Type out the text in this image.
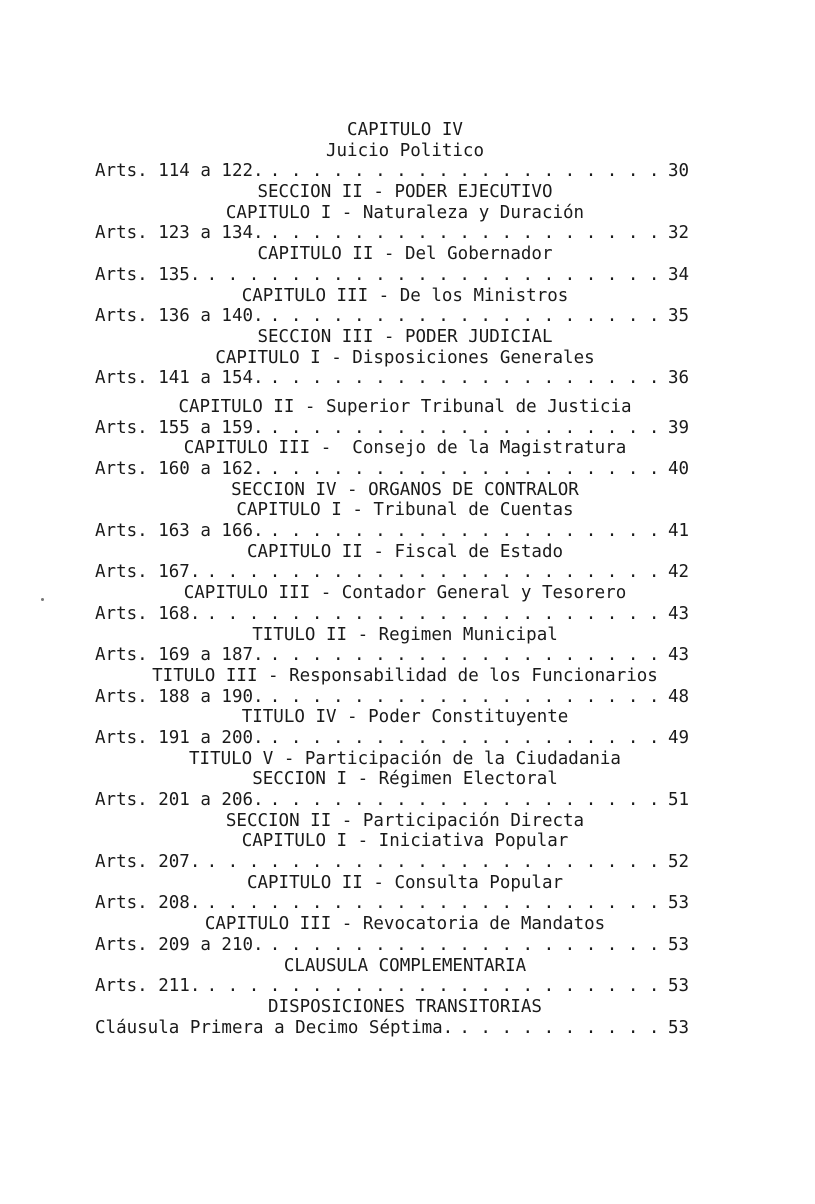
CAPITULO IV
Juicio Politico
Arts. 114 a 122. . . . . . . . . . . . . . . . . . . . 30
SECCION II - PODER EJECUTIVO
CAPITULO I - Naturaleza y Duración
Arts. 123 a 134. . . . . . . . . . . . . . . . . . . . 32
CAPITULO II - Del Gobernador
Arts. 135. . . . . . . . . . . . . . . . . . . . . . . 34
CAPITULO III - De los Ministros
Arts. 136 a 140. . . . . . . . . . . . . . . . . . . . 35
SECCION III - PODER JUDICIAL
CAPITULO I - Disposiciones Generales
Arts. 141 a 154. . . . . . . . . . . . . . . . . . . . 36
CAPITULO II - Superior Tribunal de Justicia
Arts. 155 a 159. . . . . . . . . . . . . . . . . . . . 39
CAPITULO III -  Consejo de la Magistratura
Arts. 160 a 162. . . . . . . . . . . . . . . . . . . . 40
SECCION IV - ORGANOS DE CONTRALOR
CAPITULO I - Tribunal de Cuentas
Arts. 163 a 166. . . . . . . . . . . . . . . . . . . . 41
CAPITULO II - Fiscal de Estado
Arts. 167. . . . . . . . . . . . . . . . . . . . . . . 42
CAPITULO III - Contador General y Tesorero
Arts. 168. . . . . . . . . . . . . . . . . . . . . . . 43
TITULO II - Regimen Municipal
Arts. 169 a 187. . . . . . . . . . . . . . . . . . . . 43
TITULO III - Responsabilidad de los Funcionarios
Arts. 188 a 190. . . . . . . . . . . . . . . . . . . . 48
TITULO IV - Poder Constituyente
Arts. 191 a 200. . . . . . . . . . . . . . . . . . . . 49
TITULO V - Participación de la Ciudadania
SECCION I - Régimen Electoral
Arts. 201 a 206. . . . . . . . . . . . . . . . . . . . 51
SECCION II - Participación Directa
CAPITULO I - Iniciativa Popular
Arts. 207. . . . . . . . . . . . . . . . . . . . . . . 52
CAPITULO II - Consulta Popular
Arts. 208. . . . . . . . . . . . . . . . . . . . . . . 53
CAPITULO III - Revocatoria de Mandatos
Arts. 209 a 210. . . . . . . . . . . . . . . . . . . . 53
CLAUSULA COMPLEMENTARIA
Arts. 211. . . . . . . . . . . . . . . . . . . . . . . 53
DISPOSICIONES TRANSITORIAS
Cláusula Primera a Decimo Séptima. . . . . . . . . . . 53
